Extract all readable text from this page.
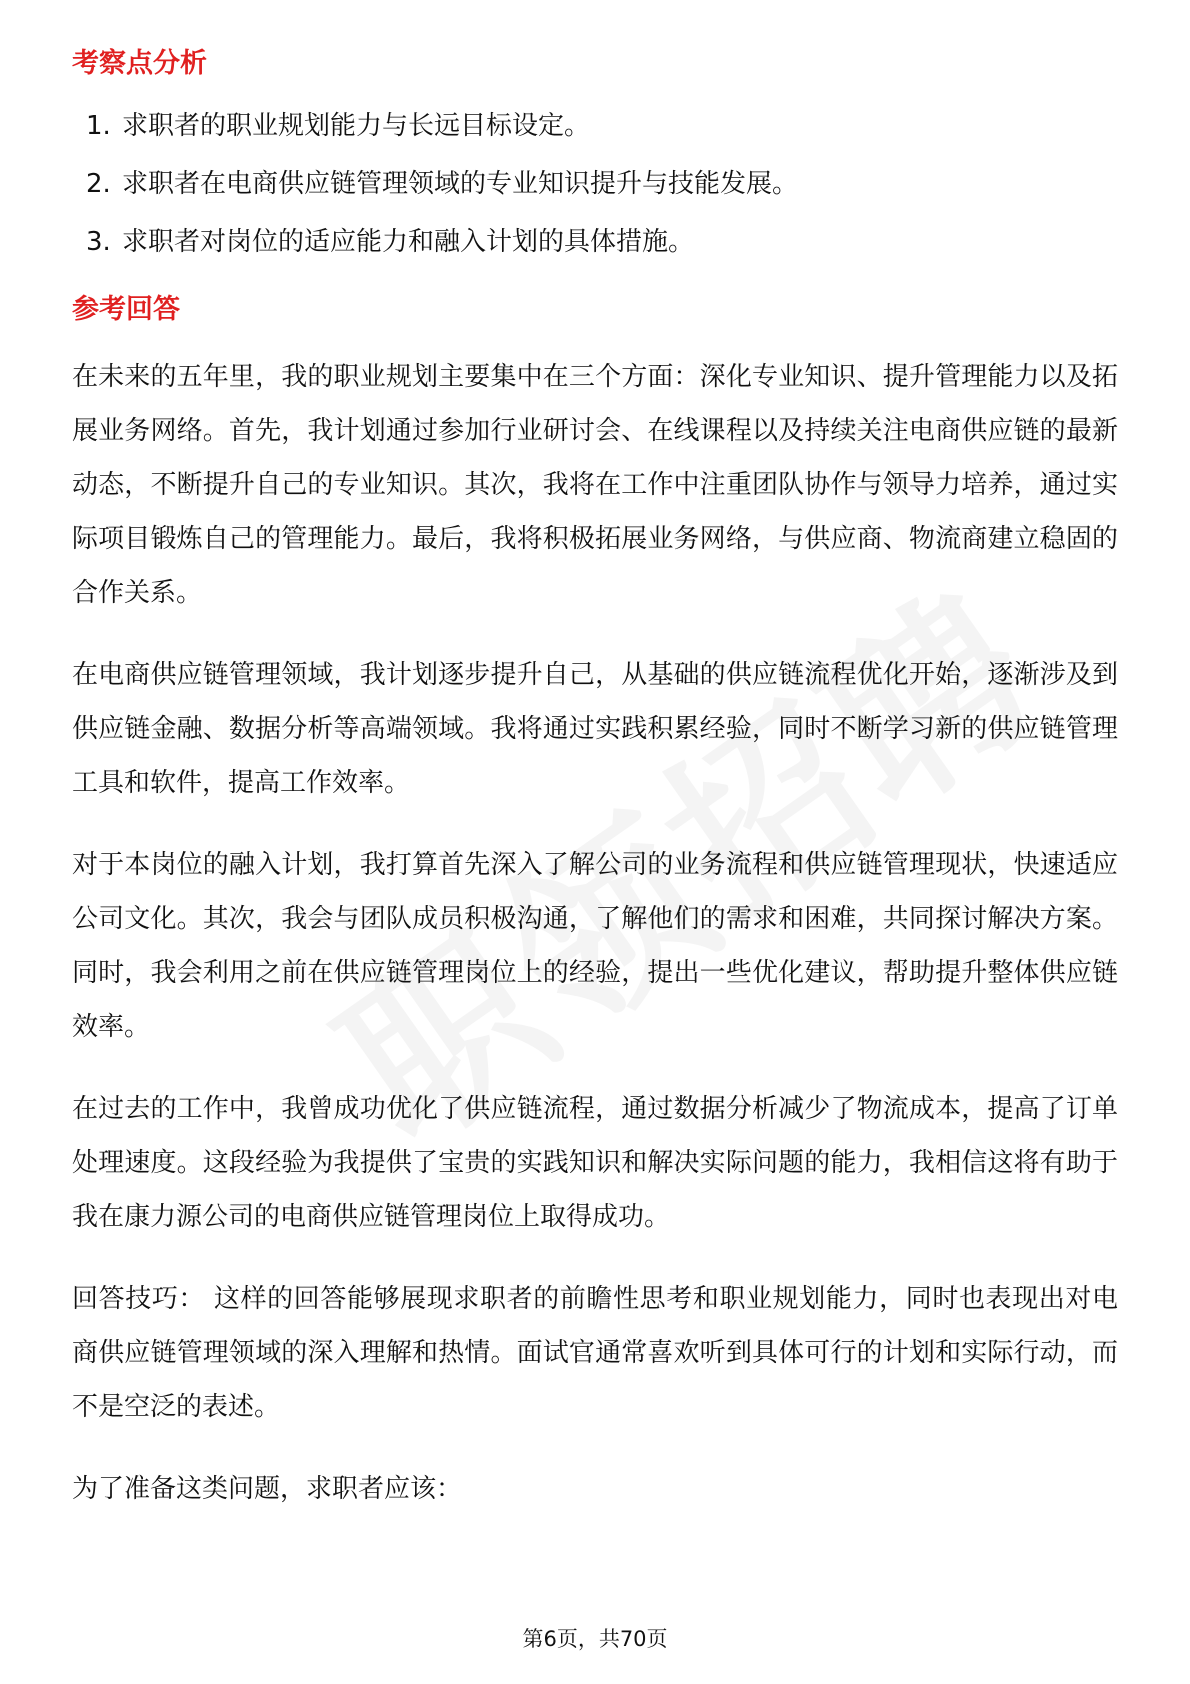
考察点分析
1. 求职者的职业规划能力与长远目标设定。
2. 求职者在电商供应链管理领域的专业知识提升与技能发展。
3. 求职者对岗位的适应能力和融入计划的具体措施。
参考回答

在未来的五年里，我的职业规划主要集中在三个方面：深化专业知识、提升管理能力以及拓展业务网络。首先，我计划通过参加行业研讨会、在线课程以及持续关注电商供应链的最新动态，不断提升自己的专业知识。其次，我将在工作中注重团队协作与领导力培养，通过实际项目锻炼自己的管理能力。最后，我将积极拓展业务网络，与供应商、物流商建立稳固的合作关系。

在电商供应链管理领域，我计划逐步提升自己，从基础的供应链流程优化开始，逐渐涉及到供应链金融、数据分析等高端领域。我将通过实践积累经验，同时不断学习新的供应链管理工具和软件，提高工作效率。

对于本岗位的融入计划，我打算首先深入了解公司的业务流程和供应链管理现状，快速适应公司文化。其次，我会与团队成员积极沟通，了解他们的需求和困难，共同探讨解决方案。同时，我会利用之前在供应链管理岗位上的经验，提出一些优化建议，帮助提升整体供应链效率。

在过去的工作中，我曾成功优化了供应链流程，通过数据分析减少了物流成本，提高了订单处理速度。这段经验为我提供了宝贵的实践知识和解决实际问题的能力，我相信这将有助于我在康力源公司的电商供应链管理岗位上取得成功。

回答技巧： 这样的回答能够展现求职者的前瞻性思考和职业规划能力，同时也表现出对电商供应链管理领域的深入理解和热情。面试官通常喜欢听到具体可行的计划和实际行动，而不是空泛的表述。

为了准备这类问题，求职者应该：

第6页，共70页
